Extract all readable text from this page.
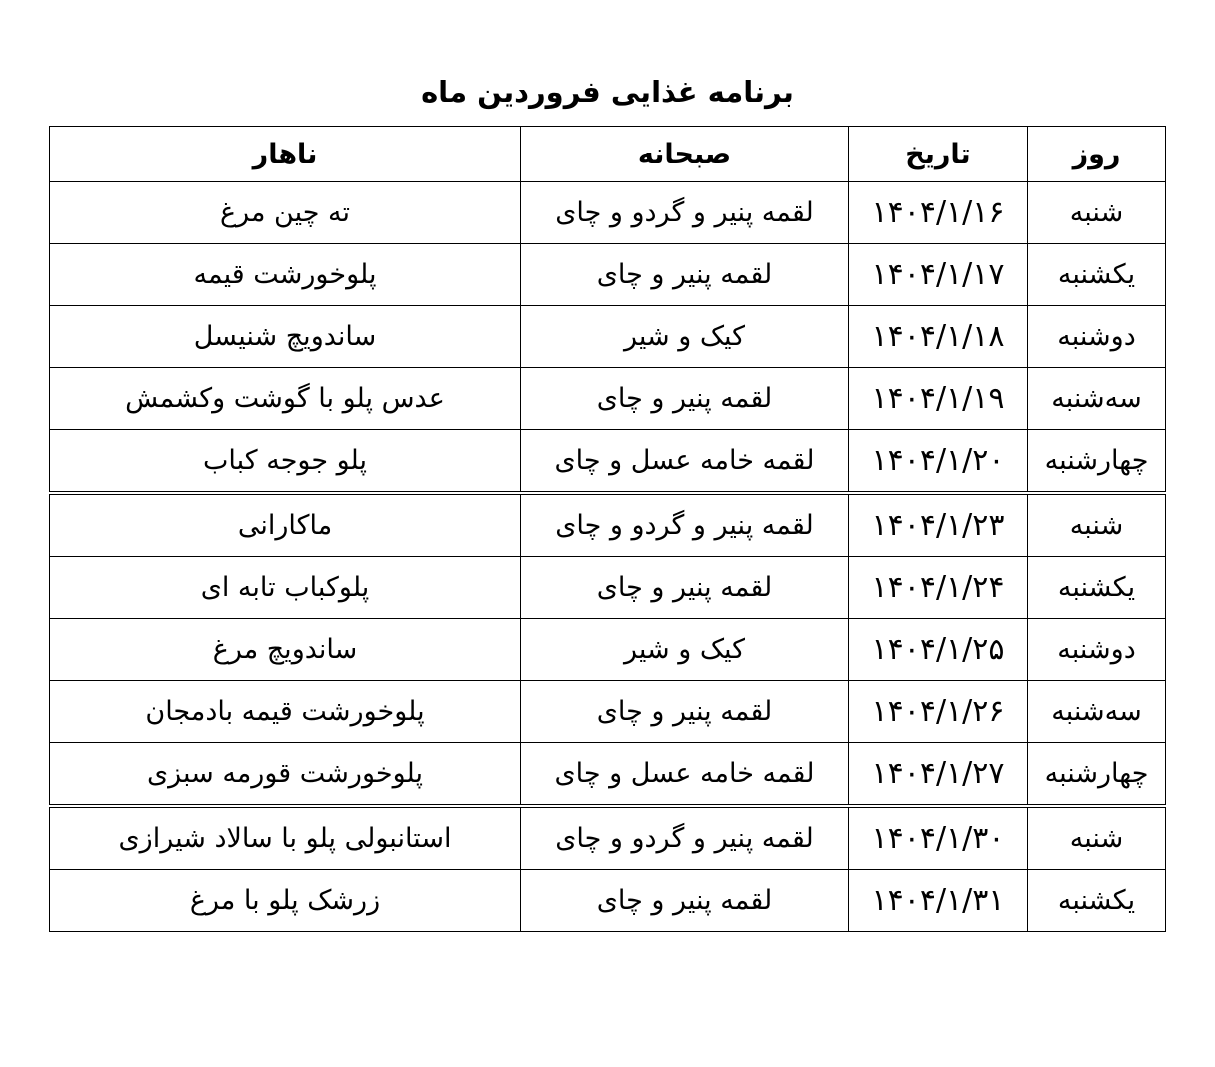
برنامه غذایی فروردین ماه
روز	تاریخ	صبحانه	ناهار
شنبه	۱۴۰۴/۱/۱۶	لقمه پنیر و گردو و چای	ته چین مرغ
یکشنبه	۱۴۰۴/۱/۱۷	لقمه پنیر و چای	پلوخورشت قیمه
دوشنبه	۱۴۰۴/۱/۱۸	کیک و شیر	ساندویچ شنیسل
سه‌شنبه	۱۴۰۴/۱/۱۹	لقمه پنیر و چای	عدس پلو با گوشت وکشمش
چهارشنبه	۱۴۰۴/۱/۲۰	لقمه خامه عسل و چای	پلو جوجه کباب
شنبه	۱۴۰۴/۱/۲۳	لقمه پنیر و گردو و چای	ماکارانی
یکشنبه	۱۴۰۴/۱/۲۴	لقمه پنیر و چای	پلوکباب تابه ای
دوشنبه	۱۴۰۴/۱/۲۵	کیک و شیر	ساندویچ مرغ
سه‌شنبه	۱۴۰۴/۱/۲۶	لقمه پنیر و چای	پلوخورشت قیمه بادمجان
چهارشنبه	۱۴۰۴/۱/۲۷	لقمه خامه عسل و چای	پلوخورشت قورمه سبزی
شنبه	۱۴۰۴/۱/۳۰	لقمه پنیر و گردو و چای	استانبولی پلو با سالاد شیرازی
یکشنبه	۱۴۰۴/۱/۳۱	لقمه پنیر و چای	زرشک پلو با مرغ
